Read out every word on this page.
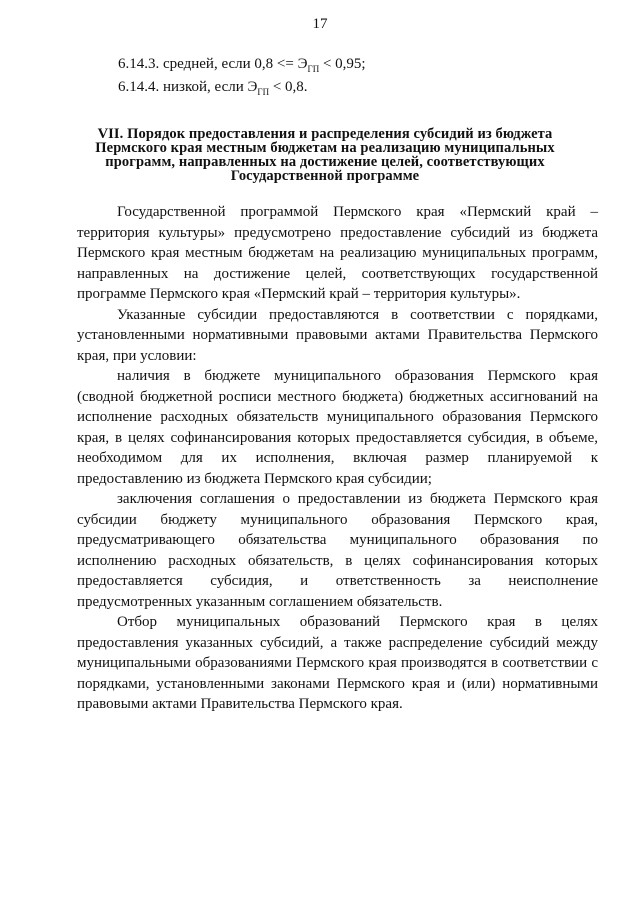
17
6.14.3. средней, если $0,8 <= Э_{ГП} < 0,95$;
6.14.4. низкой, если $Э_{ГП} < 0,8$.
VII. Порядок предоставления и распределения субсидий из бюджета Пермского края местным бюджетам на реализацию муниципальных программ, направленных на достижение целей, соответствующих Государственной программе

Государственной программой Пермского края «Пермский край – территория культуры» предусмотрено предоставление субсидий из бюджета Пермского края местным бюджетам на реализацию муниципальных программ, направленных на достижение целей, соответствующих государственной программе Пермского края «Пермский край – территория культуры».

Указанные субсидии предоставляются в соответствии с порядками, установленными нормативными правовыми актами Правительства Пермского края, при условии:

наличия в бюджете муниципального образования Пермского края (сводной бюджетной росписи местного бюджета) бюджетных ассигнований на исполнение расходных обязательств муниципального образования Пермского края, в целях софинансирования которых предоставляется субсидия, в объеме, необходимом для их исполнения, включая размер планируемой к предоставлению из бюджета Пермского края субсидии;

заключения соглашения о предоставлении из бюджета Пермского края субсидии бюджету муниципального образования Пермского края, предусматривающего обязательства муниципального образования по исполнению расходных обязательств, в целях софинансирования которых предоставляется субсидия, и ответственность за неисполнение предусмотренных указанным соглашением обязательств.

Отбор муниципальных образований Пермского края в целях предоставления указанных субсидий, а также распределение субсидий между муниципальными образованиями Пермского края производятся в соответствии с порядками, установленными законами Пермского края и (или) нормативными правовыми актами Правительства Пермского края.
